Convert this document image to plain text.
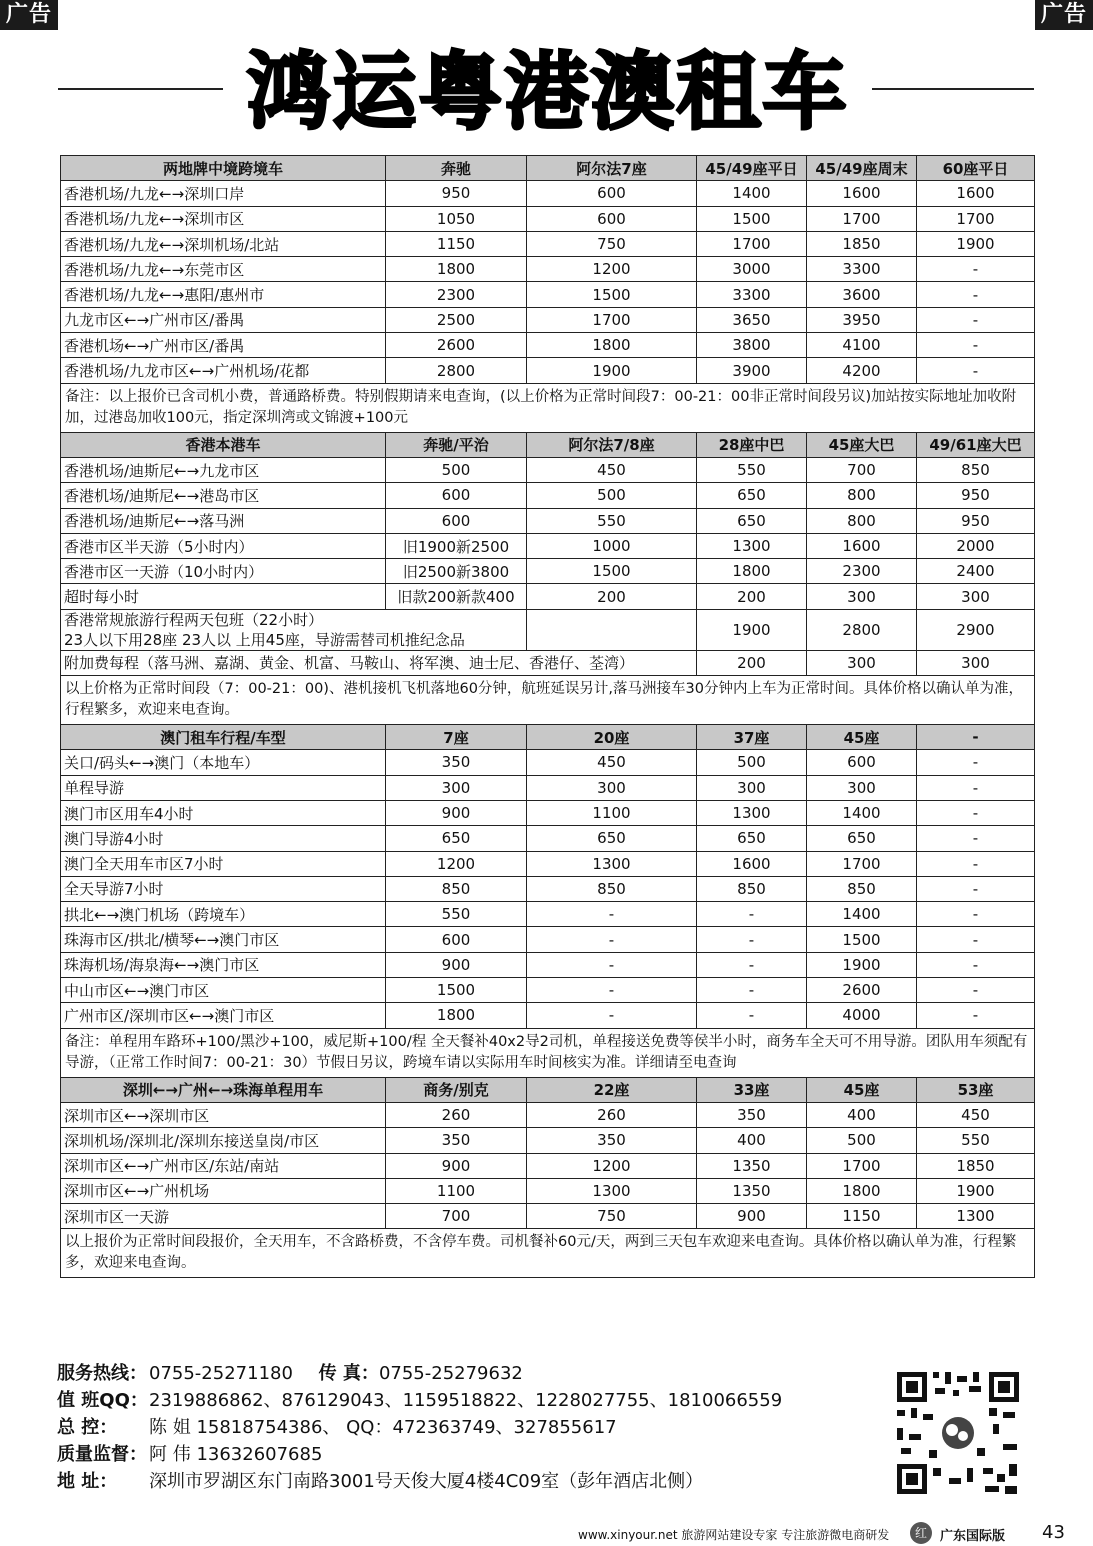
广告	广告
鸿运粤港澳租车
两地牌中境跨境车	奔驰	阿尔法7座	45/49座平日	45/49座周末	60座平日
香港机场/九龙←→深圳口岸	950	600	1400	1600	1600
香港机场/九龙←→深圳市区	1050	600	1500	1700	1700
香港机场/九龙←→深圳机场/北站	1150	750	1700	1850	1900
香港机场/九龙←→东莞市区	1800	1200	3000	3300	-
香港机场/九龙←→惠阳/惠州市	2300	1500	3300	3600	-
九龙市区←→广州市区/番禺	2500	1700	3650	3950	-
香港机场←→广州市区/番禺	2600	1800	3800	4100	-
香港机场/九龙市区←→广州机场/花都	2800	1900	3900	4200	-
备注：以上报价已含司机小费，普通路桥费。特别假期请来电查询，(以上价格为正常时间段7：00-21：00非正常时间段另议)加站按实际地址加收附加，过港岛加收100元，指定深圳湾或文锦渡+100元					
香港本港车	奔驰/平治	阿尔法7/8座	28座中巴	45座大巴	49/61座大巴
香港机场/迪斯尼←→九龙市区	500	450	550	700	850
香港机场/迪斯尼←→港岛市区	600	500	650	800	950
香港机场/迪斯尼←→落马洲	600	550	650	800	950
香港市区半天游（5小时内）	旧1900新2500	1000	1300	1600	2000
香港市区一天游（10小时内）	旧2500新3800	1500	1800	2300	2400
超时每小时	旧款200新款400	200	200	300	300

香港常规旅游行程两天包班（22小时）
23人以下用28座 23人以 上用45座，导游需替司机推纪念品			1900	2800	2900
附加费每程（落马洲、嘉湖、黄金、机富、马鞍山、将军澳、迪士尼、香港仔、荃湾）			200	300	300
以上价格为正常时间段（7：00-21：00)、港机接机飞机落地60分钟，航班延误另计,落马洲接车30分钟内上车为正常时间。具体价格以确认单为准，行程繁多，欢迎来电查询。					
澳门租车行程/车型	7座	20座	37座	45座	-
关口/码头←→澳门（本地车）	350	450	500	600	-
单程导游	300	300	300	300	-
澳门市区用车4小时	900	1100	1300	1400	-
澳门导游4小时	650	650	650	650	-
澳门全天用车市区7小时	1200	1300	1600	1700	-
全天导游7小时	850	850	850	850	-
拱北←→澳门机场（跨境车）	550	-	-	1400	-
珠海市区/拱北/横琴←→澳门市区	600	-	-	1500	-
珠海机场/海泉海←→澳门市区	900	-	-	1900	-
中山市区←→澳门市区	1500	-	-	2600	-
广州市区/深圳市区←→澳门市区	1800	-	-	4000	-
备注：单程用车路环+100/黑沙+100，威尼斯+100/程 全天餐补40x2导2司机，单程接送免费等侯半小时，商务车全天可不用导游。团队用车须配有导游，（正常工作时间7：00-21：30）节假日另议，跨境车请以实际用车时间核实为准。详细请至电查询					
深圳←→广州←→珠海单程用车	商务/别克	22座	33座	45座	53座
深圳市区←→深圳市区	260	260	350	400	450
深圳机场/深圳北/深圳东接送皇岗/市区	350	350	400	500	550
深圳市区←→广州市区/东站/南站	900	1200	1350	1700	1850
深圳市区←→广州机场	1100	1300	1350	1800	1900
深圳市区一天游	700	750	900	1150	1300
以上报价为正常时间段报价，全天用车，不含路桥费，不含停车费。司机餐补60元/天，两到三天包车欢迎来电查询。具体价格以确认单为准，行程繁多，欢迎来电查询。					
服务热线： 0755-25271180 传 真：0755-25279632
值 班QQ：2319886862、876129043、1159518822、1228027755、1810066559
总 控： 陈 姐 15818754386、 QQ：472363749、327855617
质量监督： 阿 伟 13632607685
地 址： 深圳市罗湖区东门南路3001号天俊大厦4楼4C09室（彭年酒店北侧）
www.xinyour.net 旅游网站建设专家 专注旅游微电商研发	红	广东国际版 43
